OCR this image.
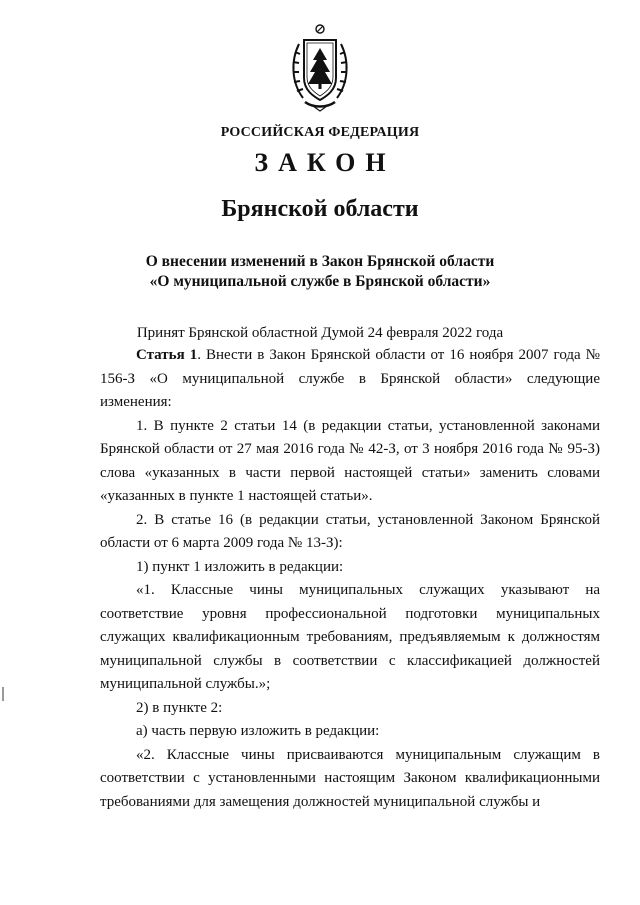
РОССИЙСКАЯ ФЕДЕРАЦИЯ

ЗАКОН

Брянской области

О внесении изменений в Закон Брянской области

«О муниципальной службе в Брянской области»

Принят Брянской областной Думой 24 февраля 2022 года

Статья 1. Внести в Закон Брянской области от 16 ноября 2007 года № 156-З «О муниципальной службе в Брянской области» следующие изменения:

1. В пункте 2 статьи 14 (в редакции статьи, установленной законами Брянской области от 27 мая 2016 года № 42-З, от 3 ноября 2016 года № 95-З) слова «указанных в части первой настоящей статьи» заменить словами «указанных в пункте 1 настоящей статьи».

2. В статье 16 (в редакции статьи, установленной Законом Брянской области от 6 марта 2009 года № 13-З):

1) пункт 1 изложить в редакции:

«1. Классные чины муниципальных служащих указывают на соответствие уровня профессиональной подготовки муниципальных служащих квалификационным требованиям, предъявляемым к должностям муниципальной службы в соответствии с классификацией должностей муниципальной службы.»;

2) в пункте 2:

а) часть первую изложить в редакции:

«2. Классные чины присваиваются муниципальным служащим в соответствии с установленными настоящим Законом квалификационными требованиями для замещения должностей муниципальной службы и
